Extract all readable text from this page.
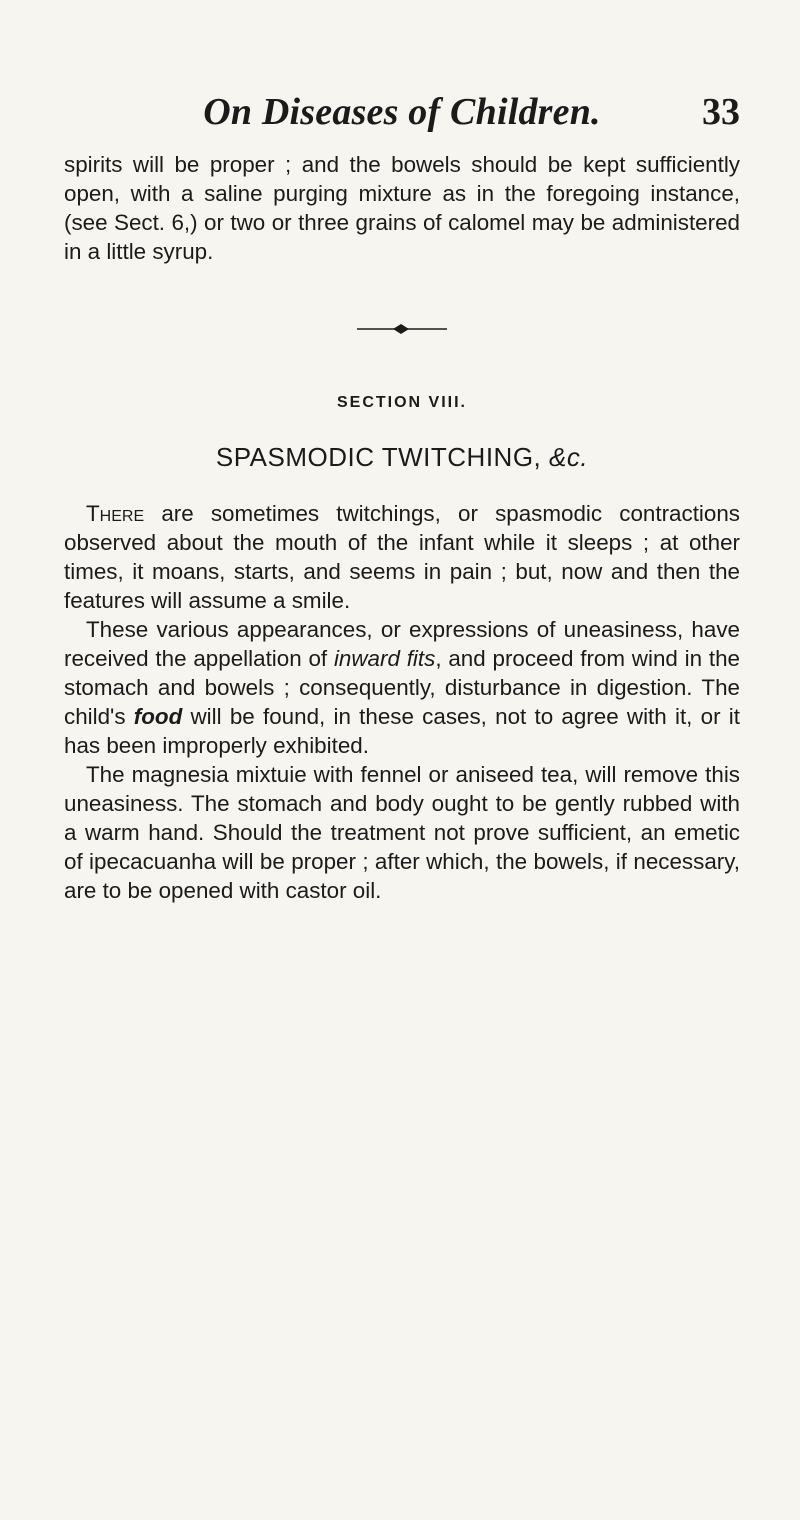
On Diseases of Children.	33

spirits will be proper ; and the bowels should be kept sufficiently open, with a saline purging mixture as in the foregoing instance, (see Sect. 6,) or two or three grains of calomel may be administered in a little syrup.

SECTION VIII.
SPASMODIC TWITCHING, &c.

There are sometimes twitchings, or spasmodic contractions observed about the mouth of the infant while it sleeps ; at other times, it moans, starts, and seems in pain ; but, now and then the features will assume a smile.

These various appearances, or expressions of uneasiness, have received the appellation of inward fits, and proceed from wind in the stomach and bowels ; consequently, disturbance in digestion. The child's food will be found, in these cases, not to agree with it, or it has been improperly exhibited.

The magnesia mixtuie with fennel or aniseed tea, will remove this uneasiness. The stomach and body ought to be gently rubbed with a warm hand. Should the treatment not prove sufficient, an emetic of ipecacuanha will be proper ; after which, the bowels, if necessary, are to be opened with castor oil.
